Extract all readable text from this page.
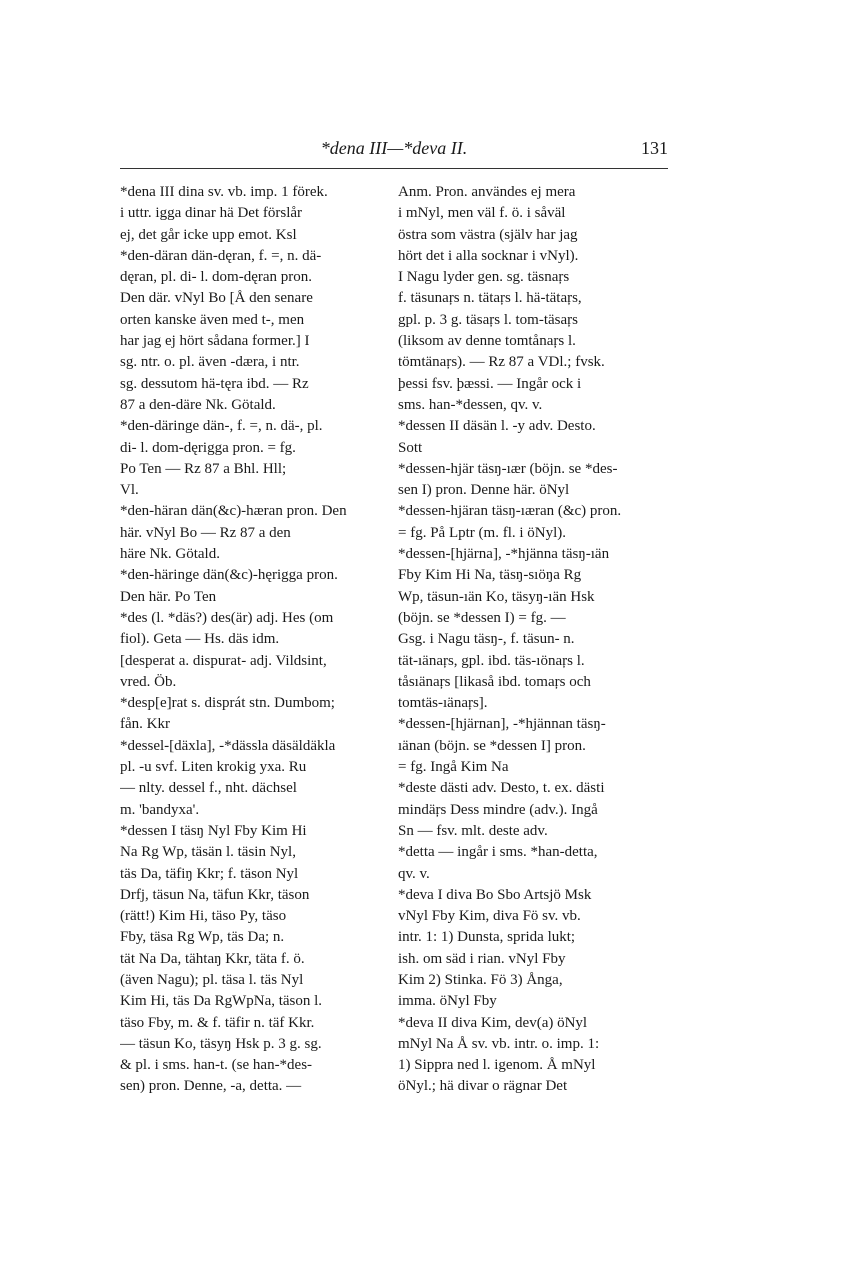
*dena III—*deva II.	131
*dena III dina sv. vb. imp. 1 förek.
i uttr. igga dinar hä Det förslår
ej, det går icke upp emot. Ksl
*den-däran dän-dęran, f. =, n. dä-
dęran, pl. di- l. dom-dęran pron.
Den där. vNyl Bo [Å den senare
orten kanske även med t-, men
har jag ej hört sådana former.] I
sg. ntr. o. pl. även -dæra, i ntr.
sg. dessutom hä-tęra ibd. — Rz
87 a den-däre Nk. Götald.
*den-däringe dän-, f. =, n. dä-, pl.
di- l. dom-dęrigga pron. = fg.
Po Ten — Rz 87 a Bhl. Hll;
Vl.
*den-häran dän(&c)-hæran pron. Den
här. vNyl Bo — Rz 87 a den
häre Nk. Götald.
*den-häringe dän(&c)-hęrigga pron.
Den här. Po Ten
*des (l. *däs?) des(är) adj. Hes (om
fiol). Geta — Hs. däs idm.
[desperat a. dispurat- adj. Vildsint,
vred. Öb.
*desp[e]rat s. disprát stn. Dumbom;
fån. Kkr
*dessel-[däxla], -*dässla däsäldäkla
pl. -u svf. Liten krokig yxa. Ru
— nlty. dessel f., nht. dächsel
m. 'bandyxa'.
*dessen I täsŋ Nyl Fby Kim Hi
Na Rg Wp, täsän l. täsin Nyl,
täs Da, täfiŋ Kkr; f. täson Nyl
Drfj, täsun Na, täfun Kkr, täson
(rätt!) Kim Hi, täso Py, täso
Fby, täsa Rg Wp, täs Da; n.
tät Na Da, tähtaŋ Kkr, täta f. ö.
(även Nagu); pl. täsa l. täs Nyl
Kim Hi, täs Da RgWpNa, täson l.
täso Fby, m. & f. täfir n. täf Kkr.
— täsun Ko, täsyŋ Hsk p. 3 g. sg.
& pl. i sms. han-t. (se han-*des-
sen) pron. Denne, -a, detta. —
Anm. Pron. användes ej mera
i mNyl, men väl f. ö. i såväl
östra som västra (själv har jag
hört det i alla socknar i vNyl).
I Nagu lyder gen. sg. täsnaŗs
f. täsunaŗs n. tätaŗs l. hä-tätaŗs,
gpl. p. 3 g. täsaŗs l. tom-täsaŗs
(liksom av denne tomtånaŗs l.
tömtänaŗs). — Rz 87 a VDl.; fvsk.
þessi fsv. þæssi. — Ingår ock i
sms. han-*dessen, qv. v.
*dessen II däsän l. -y adv. Desto.
Sott
*dessen-hjär täsŋ-ıær (böjn. se *des-
sen I) pron. Denne här. öNyl
*dessen-hjäran täsŋ-ıæran (&c) pron.
= fg. På Lptr (m. fl. i öNyl).
*dessen-[hjärna], -*hjänna täsŋ-ıän
Fby Kim Hi Na, täsŋ-sıöŋa Rg
Wp, täsun-ıän Ko, täsyŋ-ıän Hsk
(böjn. se *dessen I) = fg. —
Gsg. i Nagu täsŋ-, f. täsun- n.
tät-ıänaŗs, gpl. ibd. täs-ıönaŗs l.
tåsıänaŗs [likaså ibd. tomaŗs och
tomtäs-ıänaŗs].
*dessen-[hjärnan], -*hjännan täsŋ-
ıänan (böjn. se *dessen I] pron.
= fg. Ingå Kim Na
*deste dästi adv. Desto, t. ex. dästi
mindäŗs Dess mindre (adv.). Ingå
Sn — fsv. mlt. deste adv.
*detta — ingår i sms. *han-detta,
qv. v.
*deva I diva Bo Sbo Artsjö Msk
vNyl Fby Kim, diva Fö sv. vb.
intr. 1: 1) Dunsta, sprida lukt;
ish. om säd i rian. vNyl Fby
Kim 2) Stinka. Fö 3) Ånga,
imma. öNyl Fby
*deva II diva Kim, dev(a) öNyl
mNyl Na Å sv. vb. intr. o. imp. 1:
1) Sippra ned l. igenom. Å mNyl
öNyl.; hä divar o rägnar Det
